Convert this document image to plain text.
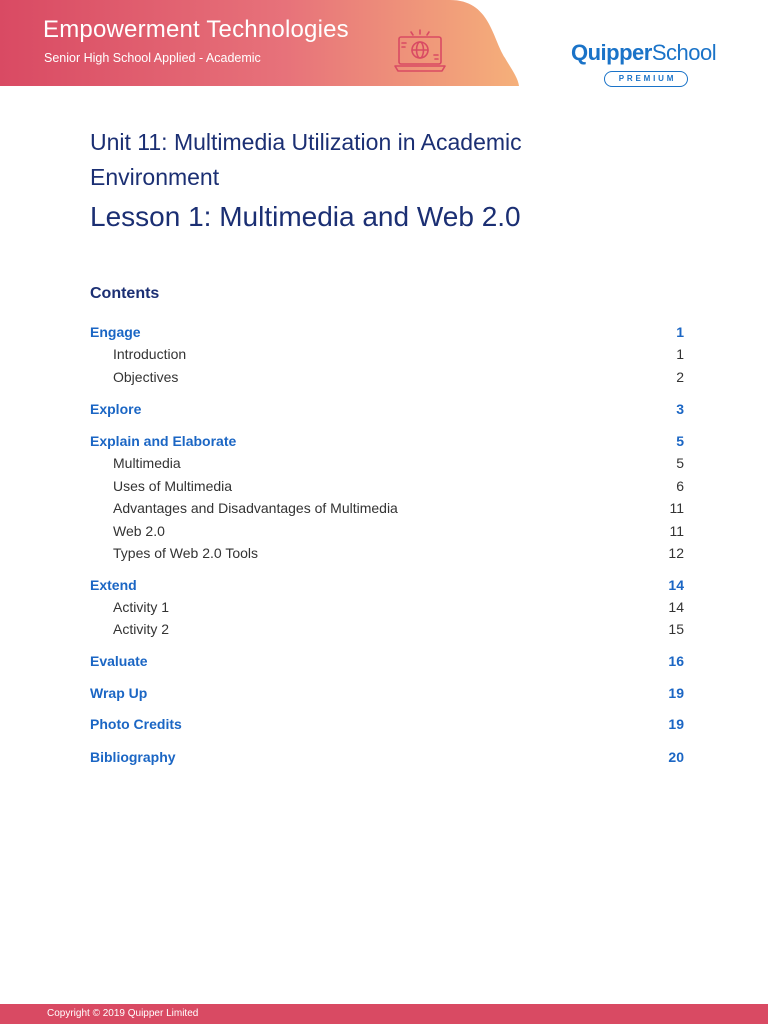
Empowerment Technologies
Senior High School Applied - Academic	QuipperSchool
PREMIUM
Unit 11: Multimedia Utilization in Academic Environment
Lesson 1: Multimedia and Web 2.0
Contents
Engage	1
Introduction	1
Objectives	2
Explore	3
Explain and Elaborate	5
Multimedia	5
Uses of Multimedia	6
Advantages and Disadvantages of Multimedia	11
Web 2.0	11
Types of Web 2.0 Tools	12
Extend	14
Activity 1	14
Activity 2	15
Evaluate	16
Wrap Up	19
Photo Credits	19
Bibliography	20
Copyright © 2019 Quipper Limited
